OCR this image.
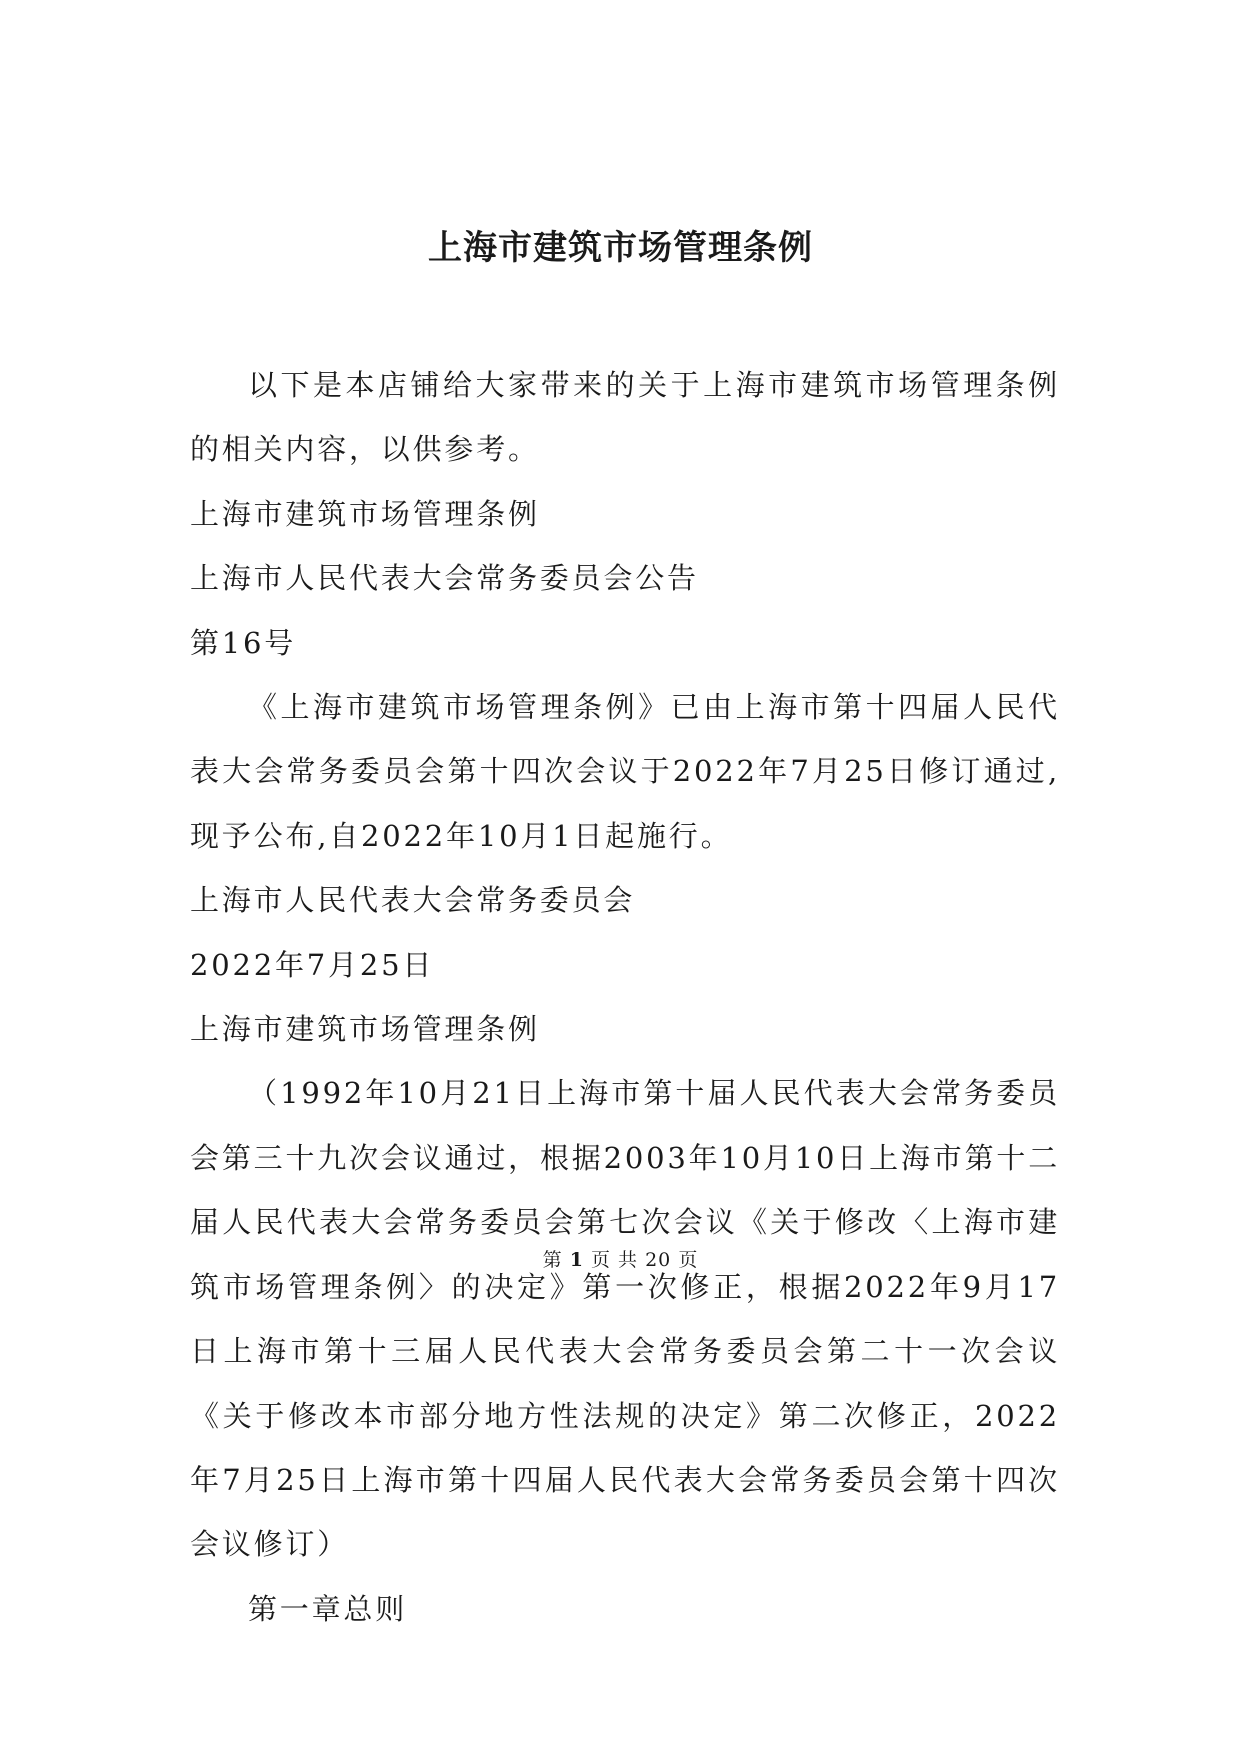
上海市建筑市场管理条例

以下是本店铺给大家带来的关于上海市建筑市场管理条例的相关内容，以供参考。

上海市建筑市场管理条例

上海市人民代表大会常务委员会公告

第16号

《上海市建筑市场管理条例》已由上海市第十四届人民代表大会常务委员会第十四次会议于2022年7月25日修订通过,现予公布,自2022年10月1日起施行。

上海市人民代表大会常务委员会

2022年7月25日

上海市建筑市场管理条例

（1992年10月21日上海市第十届人民代表大会常务委员会第三十九次会议通过，根据2003年10月10日上海市第十二届人民代表大会常务委员会第七次会议《关于修改〈上海市建筑市场管理条例〉的决定》第一次修正，根据2022年9月17日上海市第十三届人民代表大会常务委员会第二十一次会议《关于修改本市部分地方性法规的决定》第二次修正，2022年7月25日上海市第十四届人民代表大会常务委员会第十四次会议修订）

第一章总则

第 1 页 共 20 页
